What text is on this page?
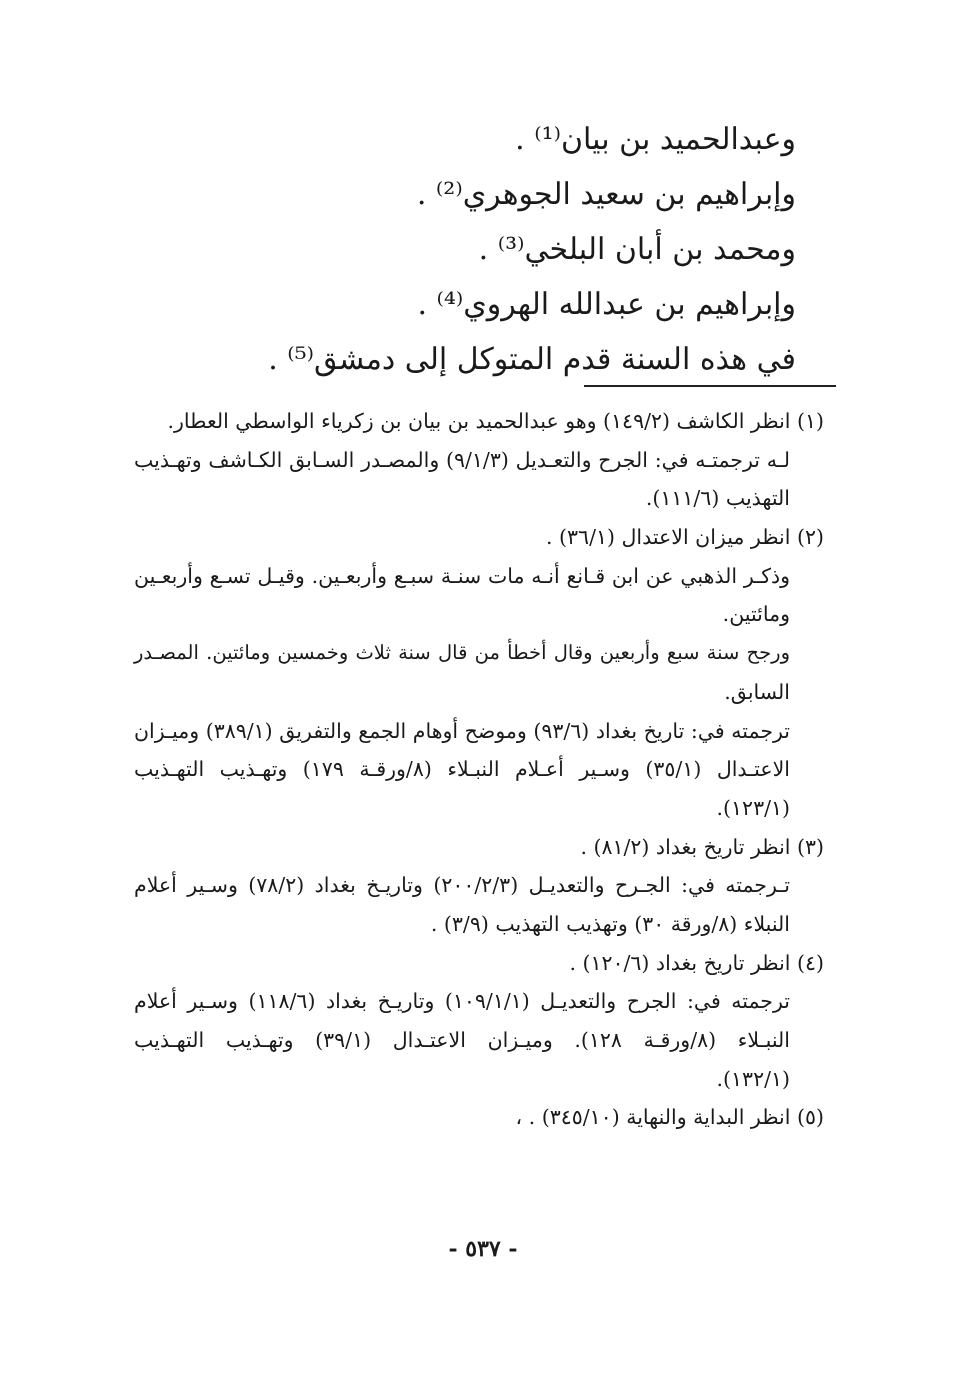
وعبدالحميد بن بيان⁽¹⁾ .
وإبراهيم بن سعيد الجوهري⁽²⁾ .
ومحمد بن أبان البلخي⁽³⁾ .
وإبراهيم بن عبدالله الهروي⁽⁴⁾ .
في هذه السنة قدم المتوكل إلى دمشق⁽⁵⁾ .
(١) انظر الكاشف (١٤٩/٢) وهو عبدالحميد بن بيان بن زكرياء الواسطي العطار.
لـه ترجمتـه في: الجرح والتعـديل (٩/١/٣) والمصـدر السـابق الكـاشف وتهـذيب
التهذيب (١١١/٦).
(٢) انظر ميزان الاعتدال (٣٦/١) .
وذكـر الذهبي عن ابن قـانع أنـه مات سنـة سبـع وأربعـين. وقيـل تسـع وأربعـين
ومائتين.
ورجح سنة سبع وأربعين وقال أخطأ من قال سنة ثلاث وخمسين ومائتين. المصـدر
السابق.
ترجمته في: تاريخ بغداد (٩٣/٦) وموضح أوهام الجمع والتفريق (٣٨٩/١) وميـزان
الاعتـدال (٣٥/١) وسـير أعـلام النبـلاء (٨/ورقـة ١٧٩) وتهـذيب التهـذيب
(١٢٣/١).
(٣) انظر تاريخ بغداد (٨١/٢) .
تـرجمته في: الجـرح والتعديـل (٢٠٠/٢/٣) وتاريـخ بغداد (٧٨/٢) وسـير أعلام
النبلاء (٨/ورقة ٣٠) وتهذيب التهذيب (٣/٩) .
(٤) انظر تاريخ بغداد (١٢٠/٦) .
ترجمته في: الجرح والتعديـل (١٠٩/١/١) وتاريـخ بغداد (١١٨/٦) وسـير أعلام
النبـلاء (٨/ورقـة ١٢٨). وميـزان الاعتـدال (٣٩/١) وتهـذيب التهـذيب
(١٣٢/١).
(٥) انظر البداية والنهاية (٣٤٥/١٠) . ،
- ٥٣٧ -
